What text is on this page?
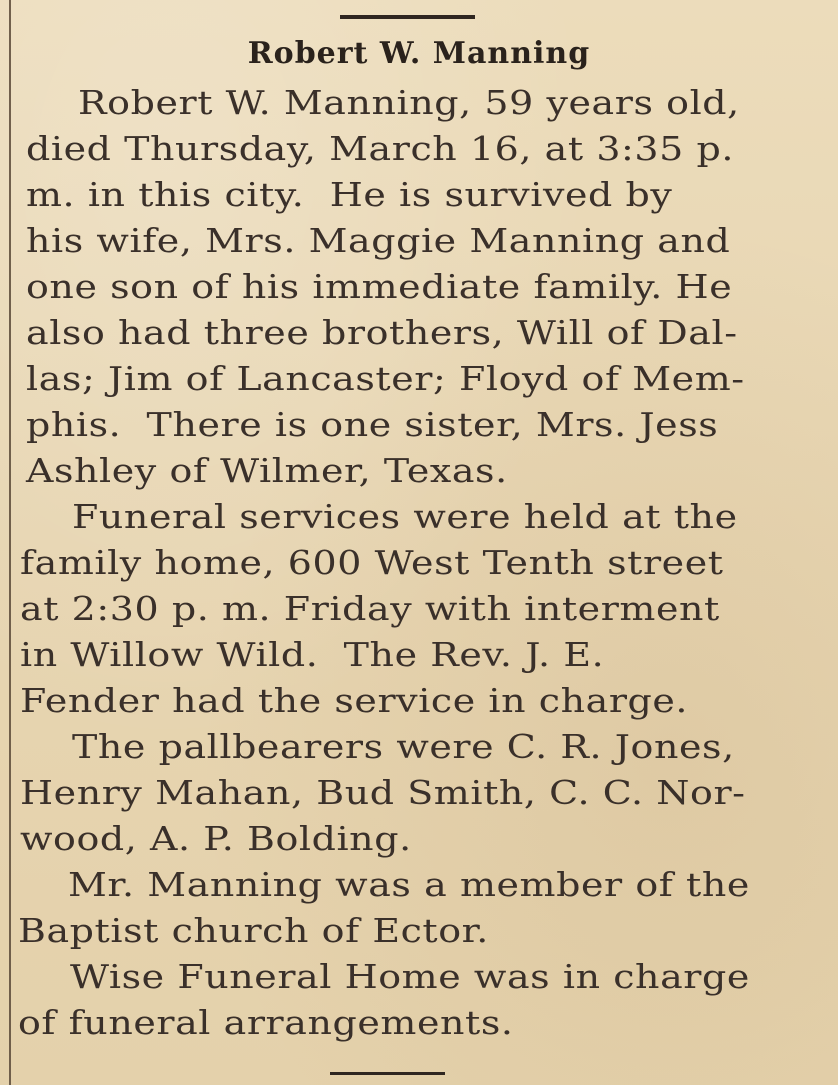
Robert W. Manning
Robert W. Manning, 59 years old,
died Thursday, March 16, at 3:35 p.
m. in this city.  He is survived by
his wife, Mrs. Maggie Manning and
one son of his immediate family. He
also had three brothers, Will of Dal-
las; Jim of Lancaster; Floyd of Mem-
phis.  There is one sister, Mrs. Jess
Ashley of Wilmer, Texas.
Funeral services were held at the
family home, 600 West Tenth street
at 2:30 p. m. Friday with interment
in Willow Wild.  The Rev. J. E.
Fender had the service in charge.
The pallbearers were C. R. Jones,
Henry Mahan, Bud Smith, C. C. Nor-
wood, A. P. Bolding.
Mr. Manning was a member of the
Baptist church of Ector.
Wise Funeral Home was in charge
of funeral arrangements.
